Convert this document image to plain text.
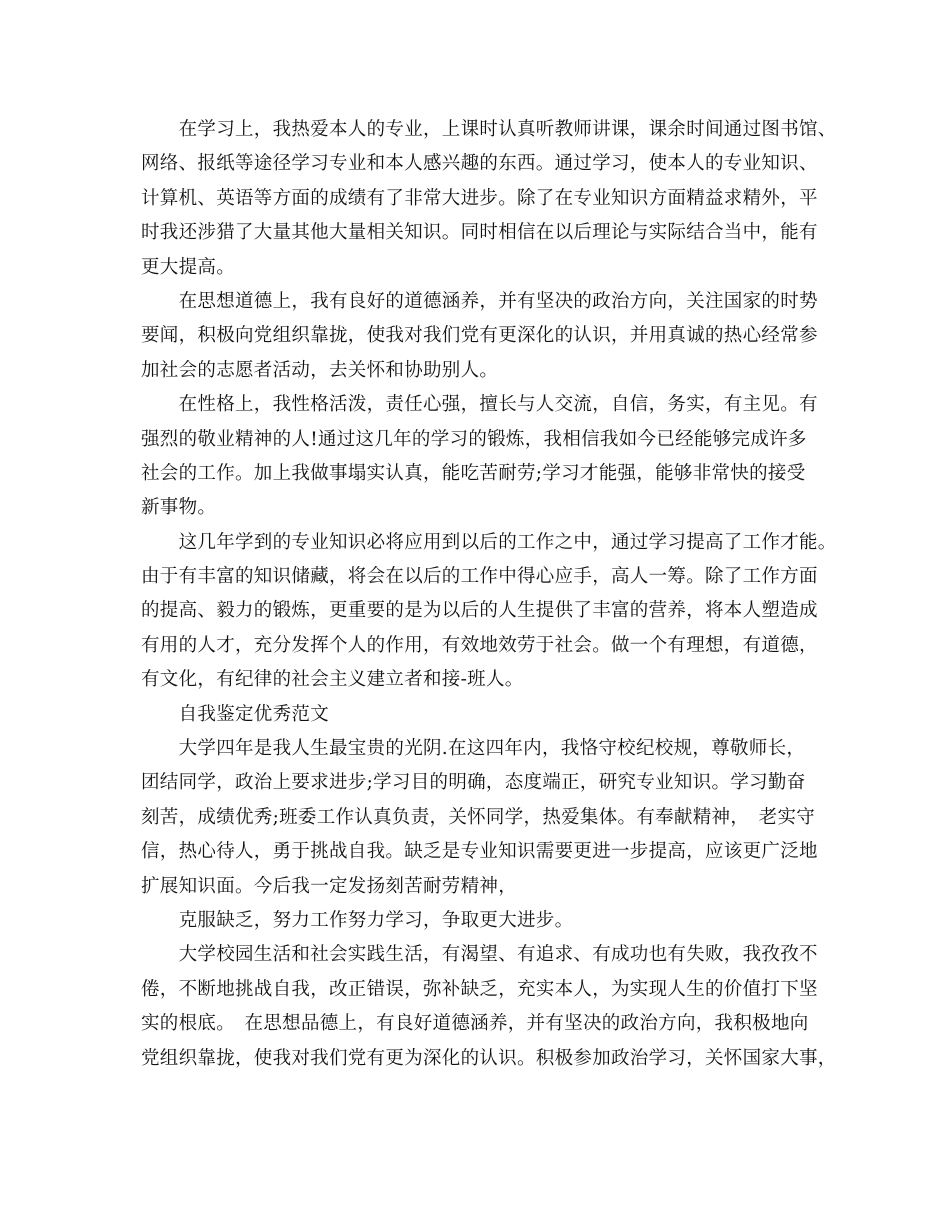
　　在学习上，我热爱本人的专业，上课时认真听教师讲课，课余时间通过图书馆、
网络、报纸等途径学习专业和本人感兴趣的东西。通过学习，使本人的专业知识、
计算机、英语等方面的成绩有了非常大进步。除了在专业知识方面精益求精外，平
时我还涉猎了大量其他大量相关知识。同时相信在以后理论与实际结合当中，能有
更大提高。
　　在思想道德上，我有良好的道德涵养，并有坚决的政治方向，关注国家的时势
要闻，积极向党组织靠拢，使我对我们党有更深化的认识，并用真诚的热心经常参
加社会的志愿者活动，去关怀和协助别人。
　　在性格上，我性格活泼，责任心强，擅长与人交流，自信，务实，有主见。有
强烈的敬业精神的人!通过这几年的学习的锻炼，我相信我如今已经能够完成许多
社会的工作。加上我做事塌实认真，能吃苦耐劳;学习才能强，能够非常快的接受
新事物。
　　这几年学到的专业知识必将应用到以后的工作之中，通过学习提高了工作才能。
由于有丰富的知识储藏，将会在以后的工作中得心应手，高人一筹。除了工作方面
的提高、毅力的锻炼，更重要的是为以后的人生提供了丰富的营养，将本人塑造成
有用的人才，充分发挥个人的作用，有效地效劳于社会。做一个有理想，有道德，
有文化，有纪律的社会主义建立者和接-班人。
　　自我鉴定优秀范文
　　大学四年是我人生最宝贵的光阴.在这四年内，我恪守校纪校规，尊敬师长，
团结同学，政治上要求进步;学习目的明确，态度端正，研究专业知识。学习勤奋
刻苦，成绩优秀;班委工作认真负责，关怀同学，热爱集体。有奉献精神，　老实守
信，热心待人，勇于挑战自我。缺乏是专业知识需要更进一步提高，应该更广泛地
扩展知识面。今后我一定发扬刻苦耐劳精神，
　　克服缺乏，努力工作努力学习，争取更大进步。
　　大学校园生活和社会实践生活，有渴望、有追求、有成功也有失败，我孜孜不
倦，不断地挑战自我，改正错误，弥补缺乏，充实本人，为实现人生的价值打下坚
实的根底。　在思想品德上，有良好道德涵养，并有坚决的政治方向，我积极地向
党组织靠拢，使我对我们党有更为深化的认识。积极参加政治学习，关怀国家大事，
